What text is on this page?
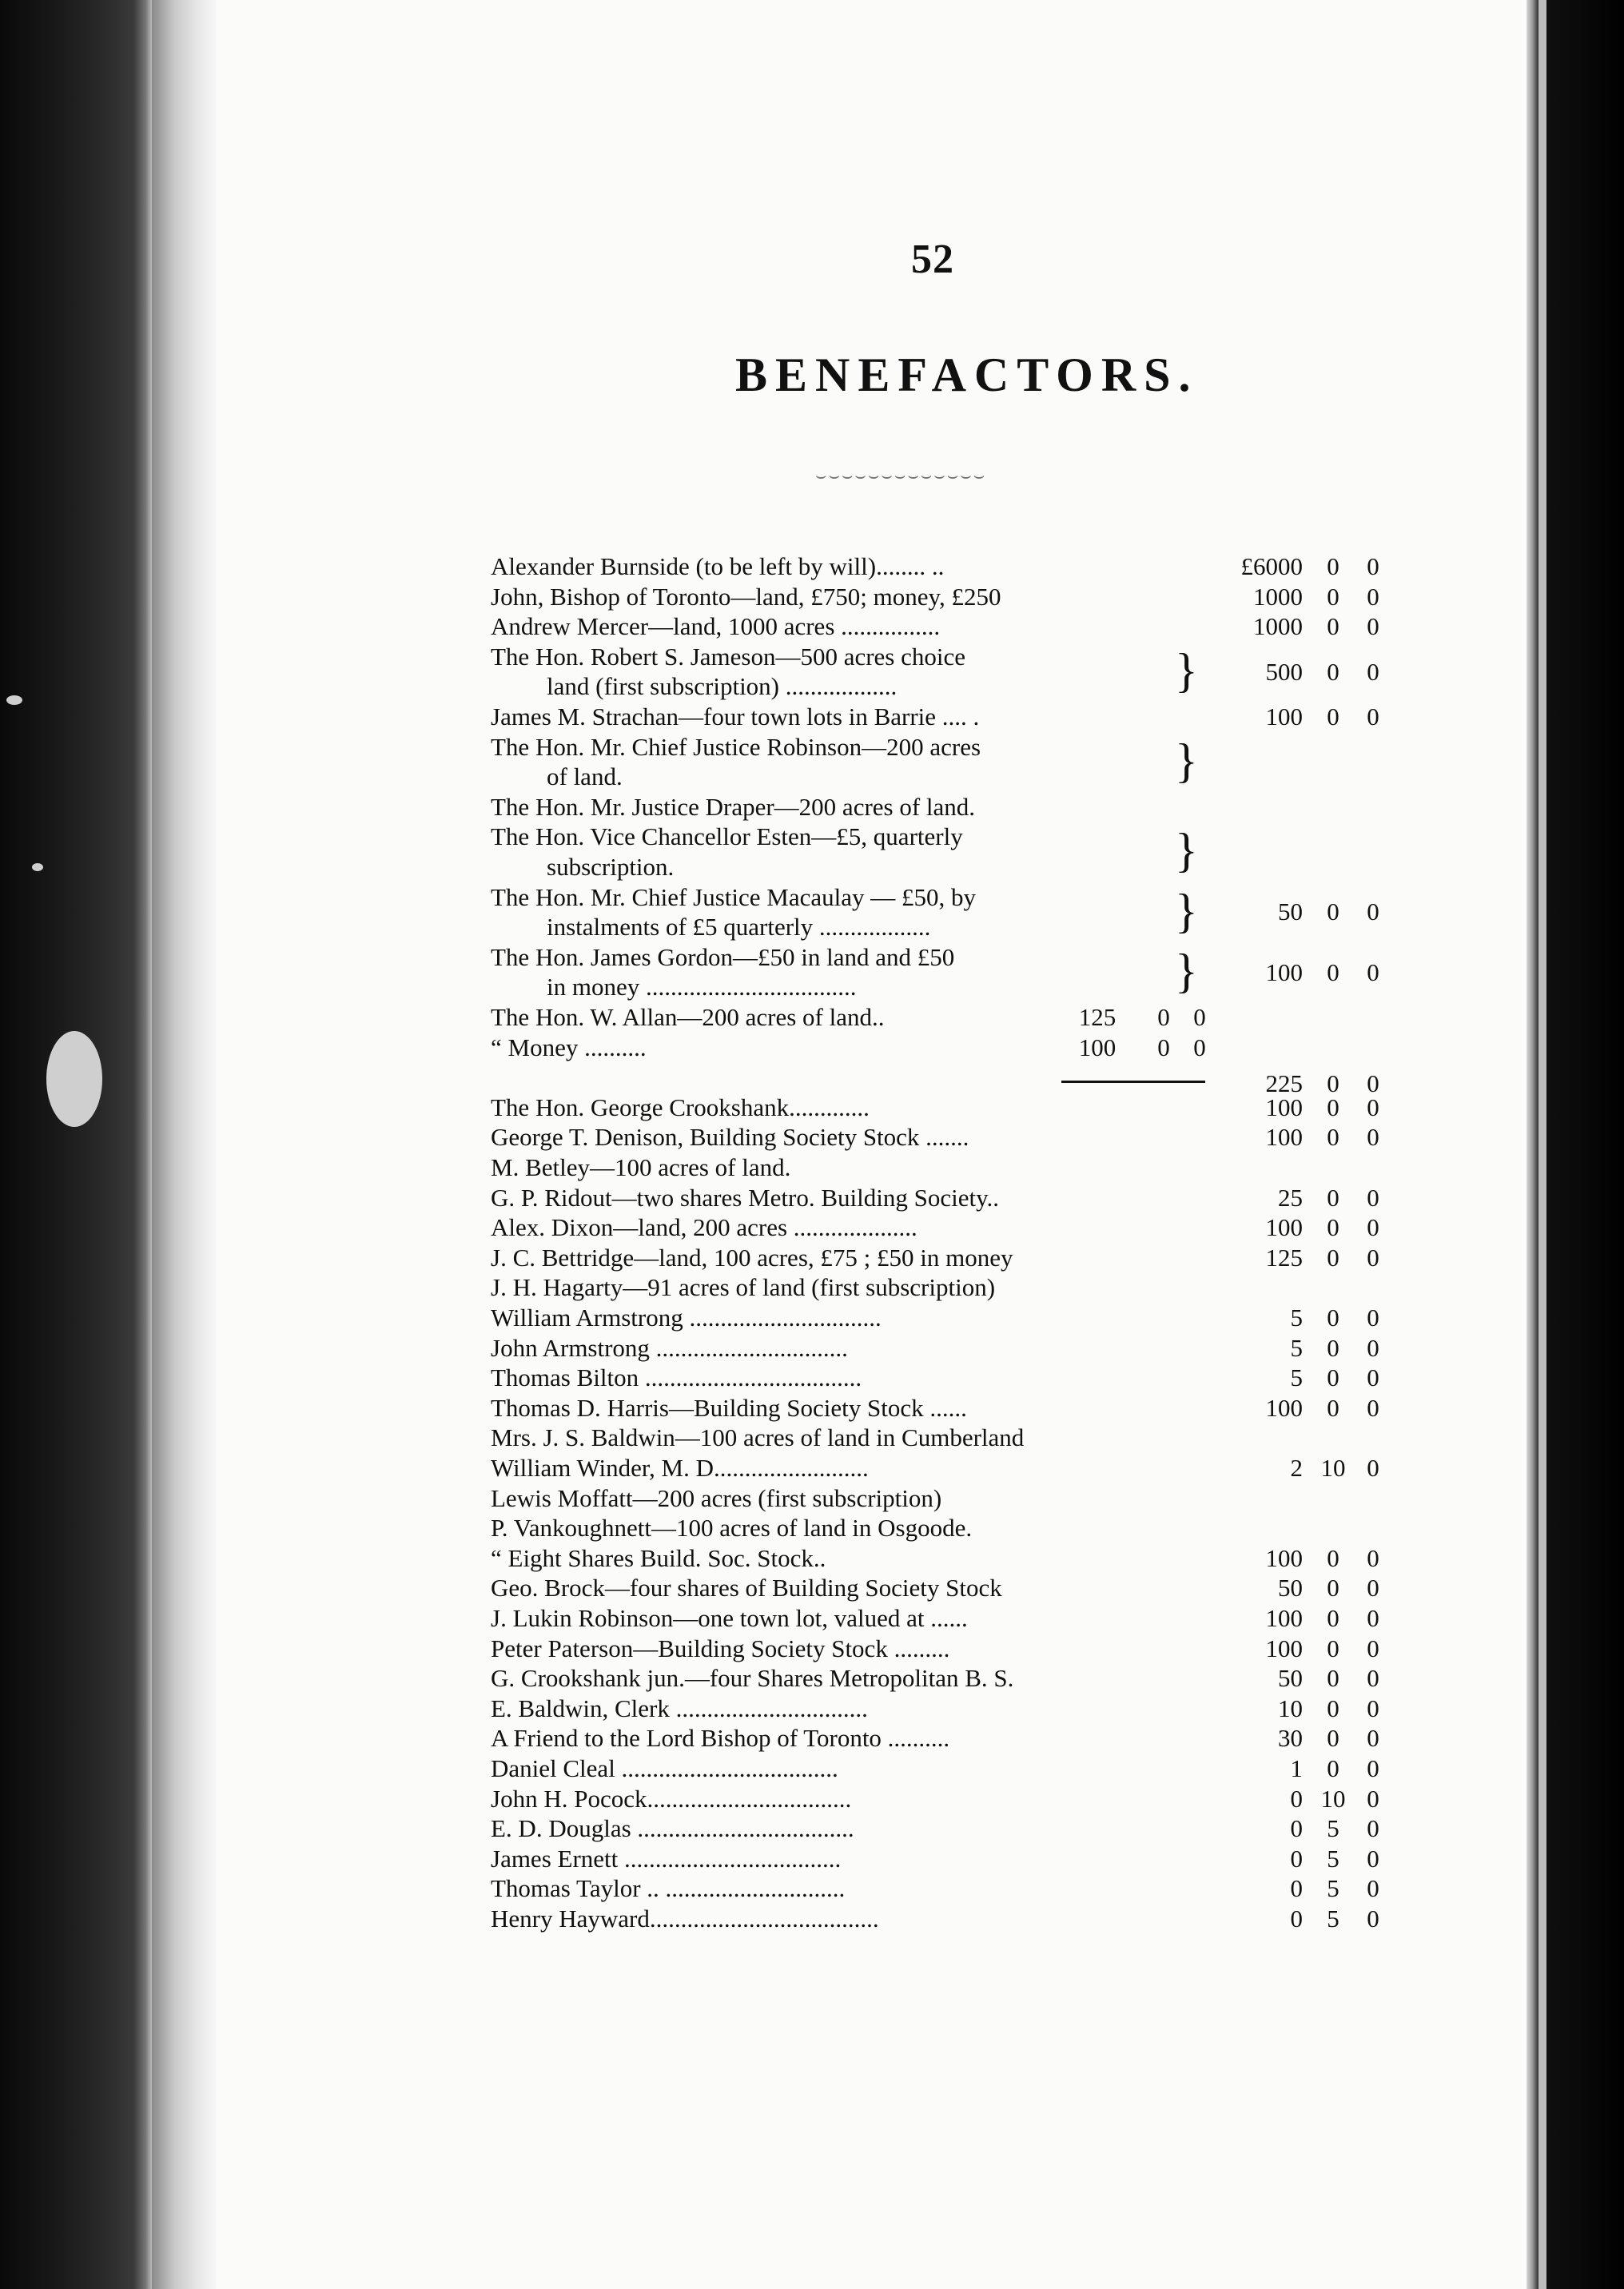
52
BENEFACTORS.
⌣⌣⌣⌣⌣⌣⌣⌣⌣⌣⌣⌣⌣
Alexander Burnside (to be left by will)........ ..	£6000 0	0
John, Bishop of Toronto—land, £750; money, £250	1000 0	0
Andrew Mercer—land, 1000 acres ................	1000 0	0
The Hon. Robert S. Jameson—500 acres choice
land (first subscription) ..................	}	500 0	0
James M. Strachan—four town lots in Barrie .... .	100 0	0
The Hon. Mr. Chief Justice Robinson—200 acres
of land.	}
The Hon. Mr. Justice Draper—200 acres of land.
The Hon. Vice Chancellor Esten—£5, quarterly
subscription.	}
The Hon. Mr. Chief Justice Macaulay — £50, by
instalments of £5 quarterly ..................	}	50 0	0
The Hon. James Gordon—£50 in land and £50
in money ..................................	}	100 0	0
The Hon. W. Allan—200 acres of land..	125	0 0
“ Money ..........	100	0 0
225 0	0
The Hon. George Crookshank.............	100 0	0
George T. Denison, Building Society Stock .......	100 0	0
M. Betley—100 acres of land.
G. P. Ridout—two shares Metro. Building Society..	25 0	0
Alex. Dixon—land, 200 acres ....................	100 0	0
J. C. Bettridge—land, 100 acres, £75 ; £50 in money	125 0	0
J. H. Hagarty—91 acres of land (first subscription)
William Armstrong ...............................	5 0	0
John Armstrong ...............................	5 0	0
Thomas Bilton ...................................	5 0	0
Thomas D. Harris—Building Society Stock ......	100 0	0
Mrs. J. S. Baldwin—100 acres of land in Cumberland
William Winder, M. D.........................	2 10 0
Lewis Moffatt—200 acres (first subscription)
P. Vankoughnett—100 acres of land in Osgoode.
“ Eight Shares Build. Soc. Stock..	100 0	0
Geo. Brock—four shares of Building Society Stock	50 0	0
J. Lukin Robinson—one town lot, valued at ......	100 0	0
Peter Paterson—Building Society Stock .........	100 0	0
G. Crookshank jun.—four Shares Metropolitan B. S.	50 0	0
E. Baldwin, Clerk ...............................	10 0	0
A Friend to the Lord Bishop of Toronto ..........	30 0	0
Daniel Cleal ...................................	1 0	0
John H. Pocock.................................	0 10 0
E. D. Douglas ...................................	0 5	0
James Ernett ...................................	0 5	0
Thomas Taylor .. .............................	0 5	0
Henry Hayward.....................................	0 5	0
